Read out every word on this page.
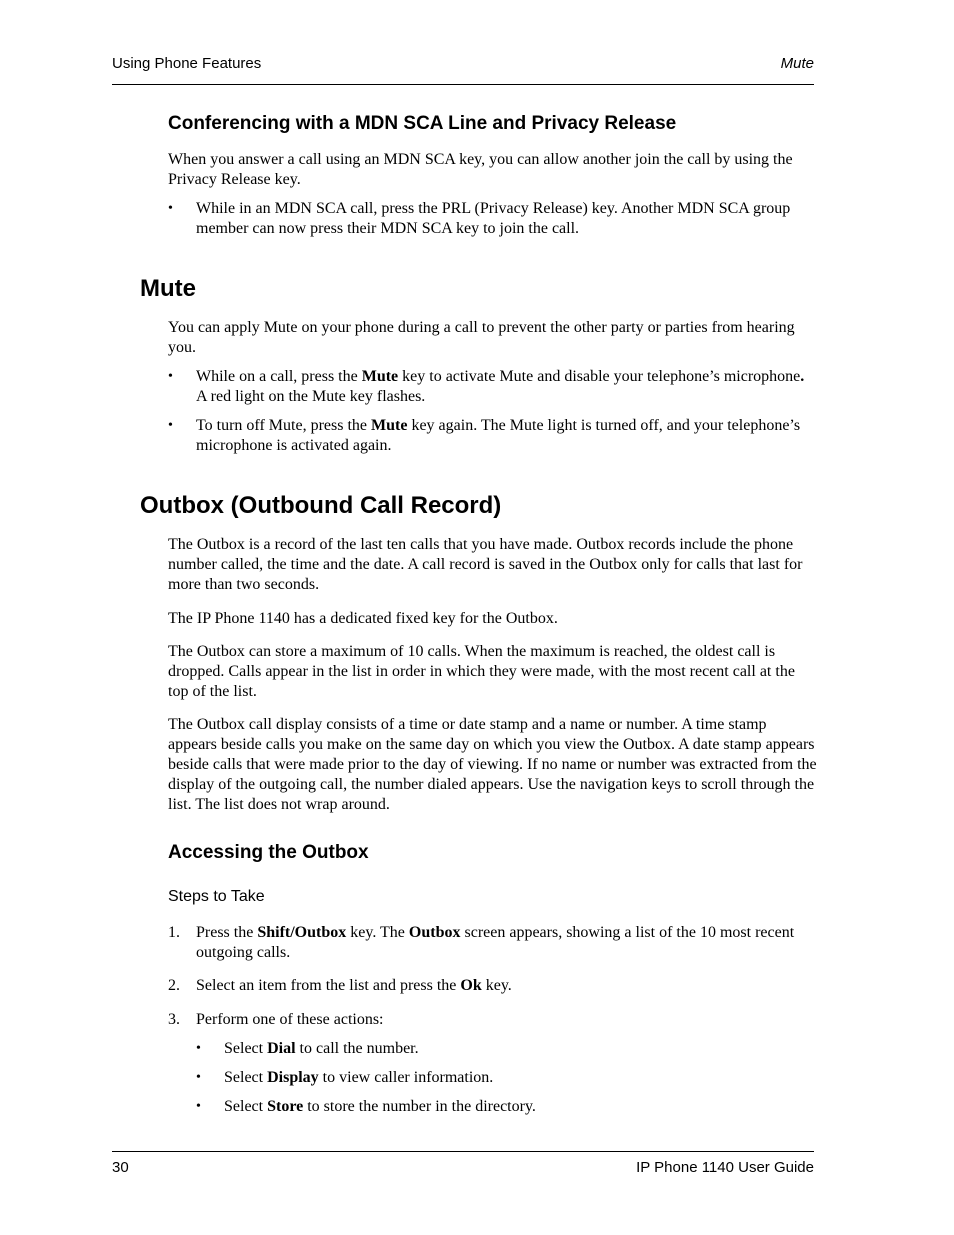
Using Phone Features	Mute
Conferencing with a MDN SCA Line and Privacy Release
When you answer a call using an MDN SCA key, you can allow another join the call by using the Privacy Release key.
•	While in an MDN SCA call, press the PRL (Privacy Release) key. Another MDN SCA group member can now press their MDN SCA key to join the call.
Mute
You can apply Mute on your phone during a call to prevent the other party or parties from hearing you.
•	While on a call, press the Mute key to activate Mute and disable your telephone’s microphone. A red light on the Mute key flashes.
•	To turn off Mute, press the Mute key again. The Mute light is turned off, and your telephone’s microphone is activated again.
Outbox (Outbound Call Record)
The Outbox is a record of the last ten calls that you have made. Outbox records include the phone number called, the time and the date. A call record is saved in the Outbox only for calls that last for more than two seconds.
The IP Phone 1140 has a dedicated fixed key for the Outbox.
The Outbox can store a maximum of 10 calls. When the maximum is reached, the oldest call is dropped. Calls appear in the list in order in which they were made, with the most recent call at the top of the list.
The Outbox call display consists of a time or date stamp and a name or number. A time stamp appears beside calls you make on the same day on which you view the Outbox. A date stamp appears beside calls that were made prior to the day of viewing. If no name or number was extracted from the display of the outgoing call, the number dialed appears. Use the navigation keys to scroll through the list. The list does not wrap around.
Accessing the Outbox
Steps to Take
1.	Press the Shift/Outbox key. The Outbox screen appears, showing a list of the 10 most recent outgoing calls.
2.	Select an item from the list and press the Ok key.
3.	Perform one of these actions:
•	Select Dial to call the number.
•	Select Display to view caller information.
•	Select Store to store the number in the directory.
30	IP Phone 1140 User Guide
